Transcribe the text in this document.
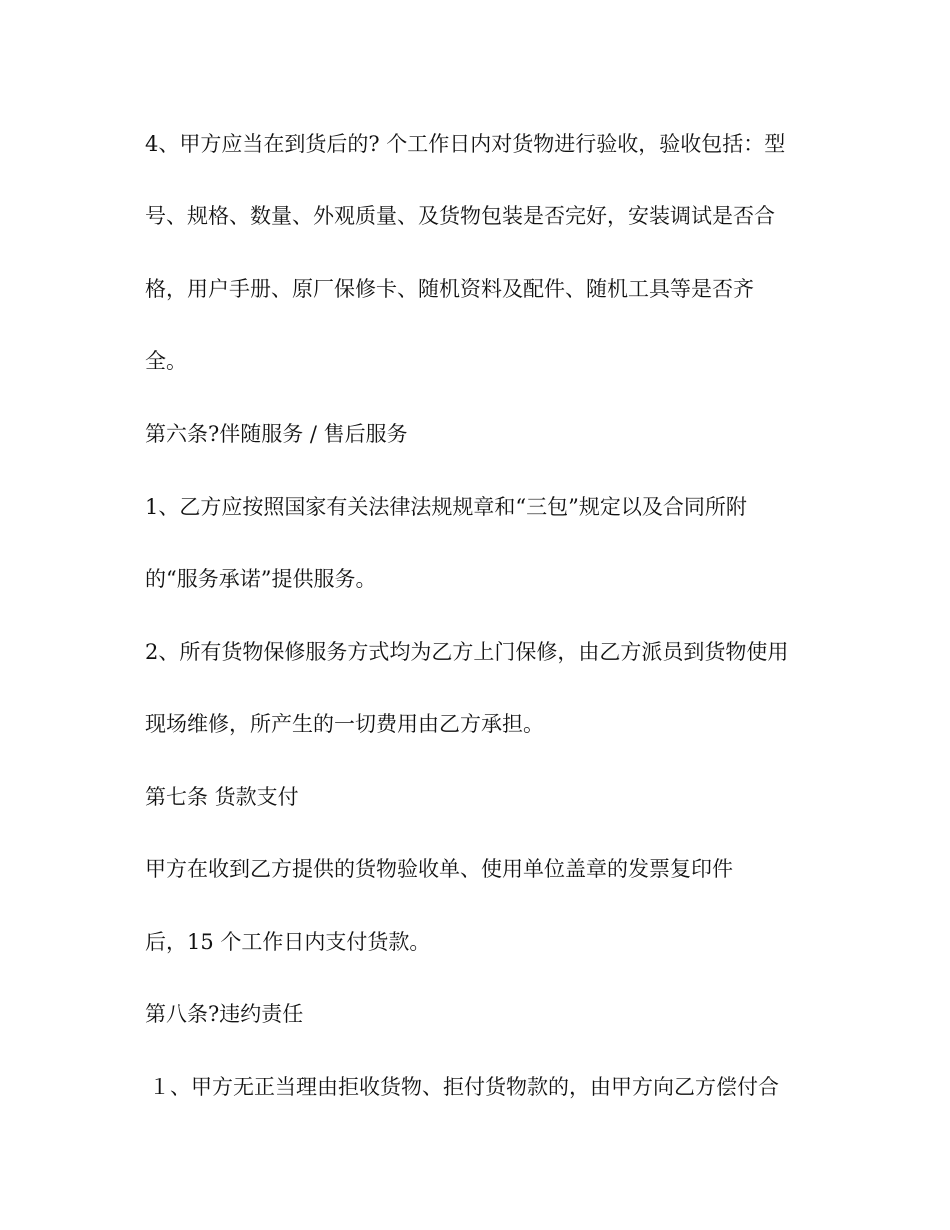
4、甲方应当在到货后的? 个工作日内对货物进行验收，验收包括：型
号、规格、数量、外观质量、及货物包装是否完好，安装调试是否合
格，用户手册、原厂保修卡、随机资料及配件、随机工具等是否齐
全。
第六条?伴随服务 / 售后服务
1、乙方应按照国家有关法律法规规章和“三包”规定以及合同所附
的“服务承诺”提供服务。
2、所有货物保修服务方式均为乙方上门保修，由乙方派员到货物使用
现场维修，所产生的一切费用由乙方承担。
第七条 货款支付
甲方在收到乙方提供的货物验收单、使用单位盖章的发票复印件
后，15 个工作日内支付货款。
第八条?违约责任
１、甲方无正当理由拒收货物、拒付货物款的，由甲方向乙方偿付合
